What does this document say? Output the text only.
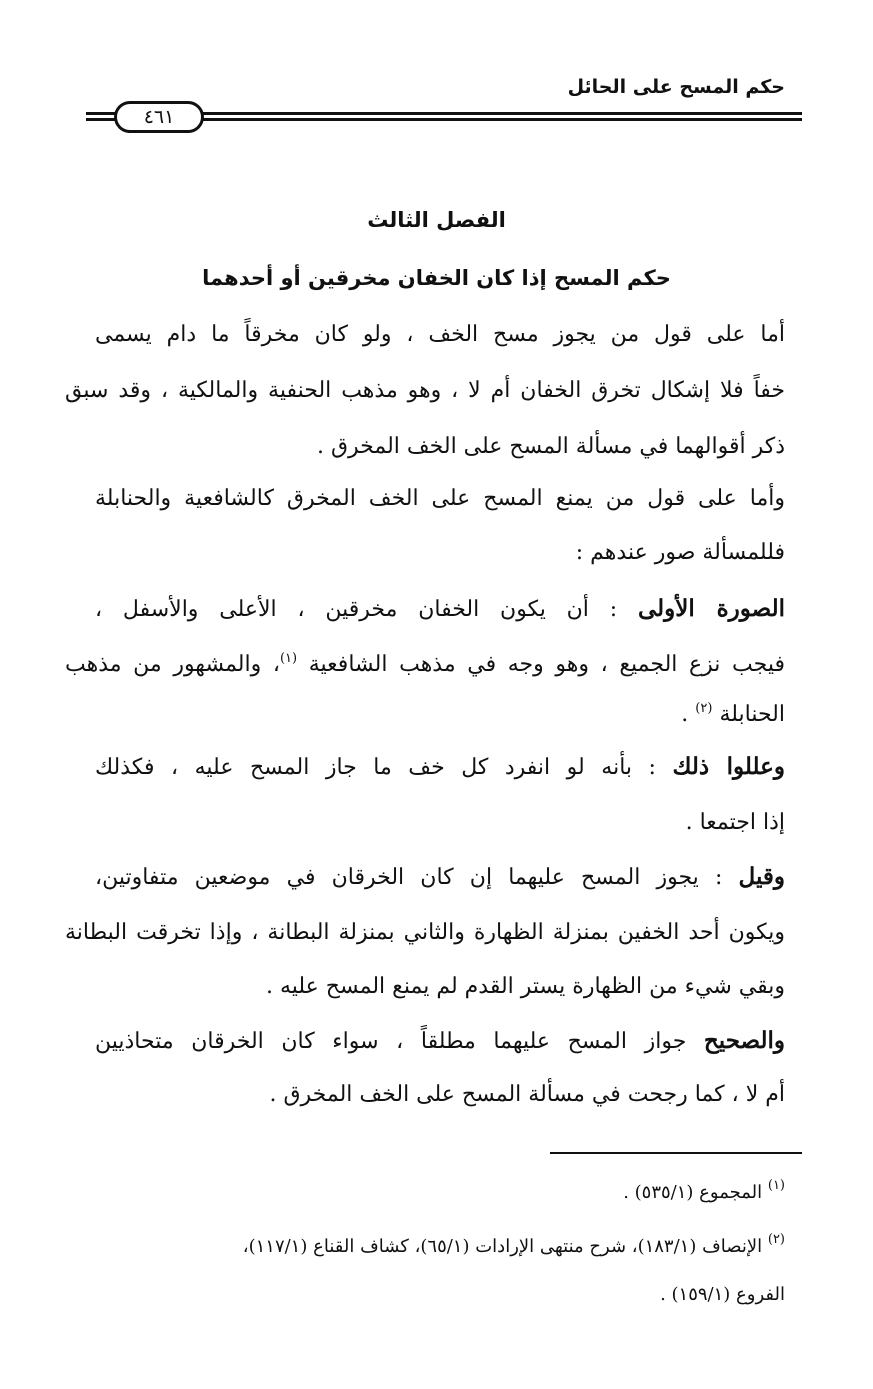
حكم المسح على الحائل
٤٦١
الفصل الثالث
حكم المسح إذا كان الخفان مخرقين أو أحدهما
أما على قول من يجوز مسح الخف ، ولو كان مخرقاً ما دام يسمى
خفاً فلا إشكال تخرق الخفان أم لا ، وهو مذهب الحنفية والمالكية ، وقد سبق
ذكر أقوالهما في مسألة المسح على الخف المخرق .
وأما على قول من يمنع المسح على الخف المخرق كالشافعية والحنابلة
فللمسألة صور عندهم :
الصورة الأولى : أن يكون الخفان مخرقين ، الأعلى والأسفل ،
فيجب نزع الجميع ، وهو وجه في مذهب الشافعية $^{(١)}$، والمشهور من مذهب
الحنابلة $^{(٢)}$ .
وعللوا ذلك : بأنه لو انفرد كل خف ما جاز المسح عليه ، فكذلك
إذا اجتمعا .
وقيل : يجوز المسح عليهما إن كان الخرقان في موضعين متفاوتين،
ويكون أحد الخفين بمنزلة الظهارة والثاني بمنزلة البطانة ، وإذا تخرقت البطانة
وبقي شيء من الظهارة يستر القدم لم يمنع المسح عليه .
والصحيح جواز المسح عليهما مطلقاً ، سواء كان الخرقان متحاذيين
أم لا ، كما رجحت في مسألة المسح على الخف المخرق .
$^{(١)}$ المجموع (٥٣٥/١) .
$^{(٢)}$ الإنصاف (١٨٣/١)، شرح منتهى الإرادات (٦٥/١)، كشاف القناع (١١٧/١)،
الفروع (١٥٩/١) .
